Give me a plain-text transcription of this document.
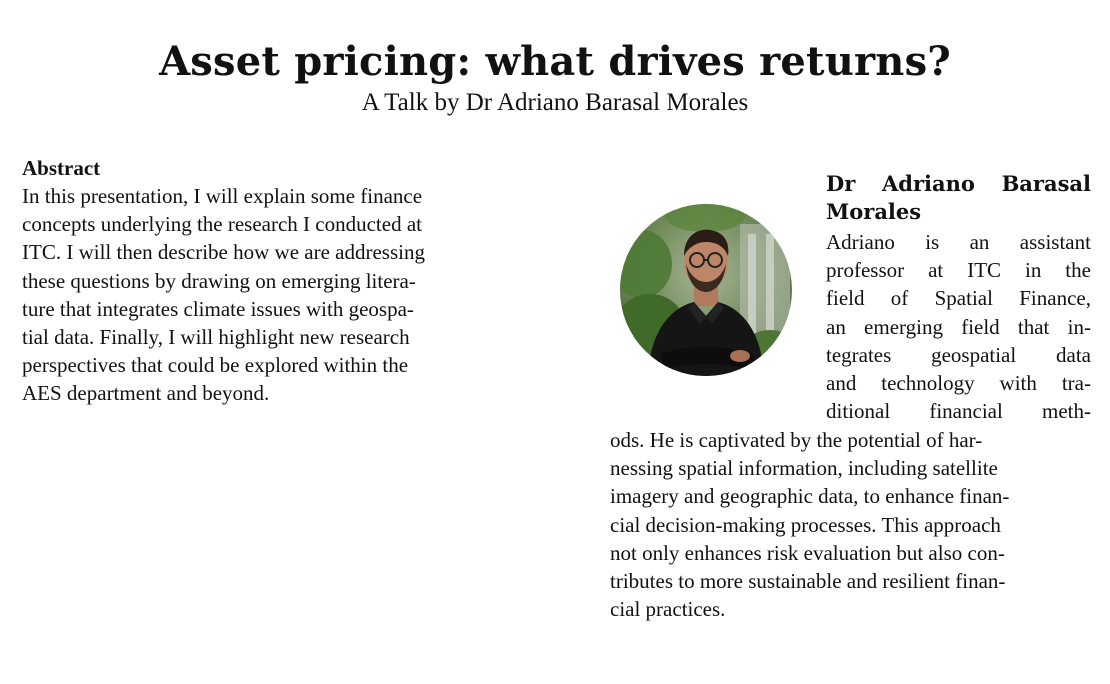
Asset pricing: what drives returns?
A Talk by Dr Adriano Barasal Morales
Abstract
In this presentation, I will explain some finance
concepts underlying the research I conducted at
ITC. I will then describe how we are addressing
these questions by drawing on emerging litera-
ture that integrates climate issues with geospa-
tial data. Finally, I will highlight new research
perspectives that could be explored within the
AES department and beyond.
Dr Adriano Barasal
Morales
Adriano is an assistant
professor at ITC in the
field of Spatial Finance,
an emerging field that in-
tegrates geospatial data
and technology with tra-
ditional financial meth-
ods. He is captivated by the potential of har-
nessing spatial information, including satellite
imagery and geographic data, to enhance finan-
cial decision-making processes. This approach
not only enhances risk evaluation but also con-
tributes to more sustainable and resilient finan-
cial practices.
